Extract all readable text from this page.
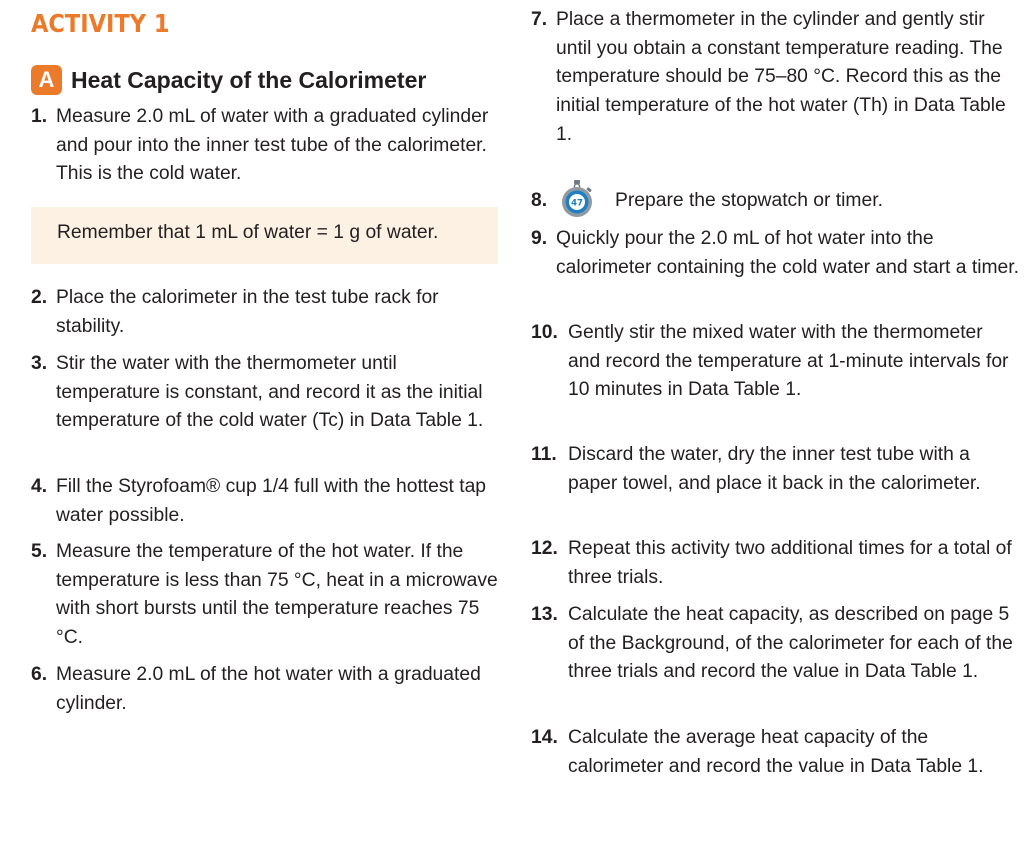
ACTIVITY 1
A Heat Capacity of the Calorimeter

1. Measure 2.0 mL of water with a graduated cylinder and pour into the inner test tube of the calorimeter. This is the cold water.

Remember that 1 mL of water = 1 g of water.

2. Place the calorimeter in the test tube rack for stability.

3. Stir the water with the thermometer until temperature is constant, and record it as the initial temperature of the cold water (Tc) in Data Table 1.

4. Fill the Styrofoam® cup 1/4 full with the hottest tap water possible.

5. Measure the temperature of the hot water. If the temperature is less than 75 °C, heat in a microwave with short bursts until the temperature reaches 75 °C.

6. Measure 2.0 mL of the hot water with a graduated cylinder.

7. Place a thermometer in the cylinder and gently stir until you obtain a constant temperature reading. The temperature should be 75–80 °C. Record this as the initial temperature of the hot water (Th) in Data Table 1.

8.	47	Prepare the stopwatch or timer.

9. Quickly pour the 2.0 mL of hot water into the calorimeter containing the cold water and start a timer.

10. Gently stir the mixed water with the thermometer and record the temperature at 1-minute intervals for 10 minutes in Data Table 1.

11. Discard the water, dry the inner test tube with a paper towel, and place it back in the calorimeter.

12. Repeat this activity two additional times for a total of three trials.

13. Calculate the heat capacity, as described on page 5 of the Background, of the calorimeter for each of the three trials and record the value in Data Table 1.

14. Calculate the average heat capacity of the calorimeter and record the value in Data Table 1.
